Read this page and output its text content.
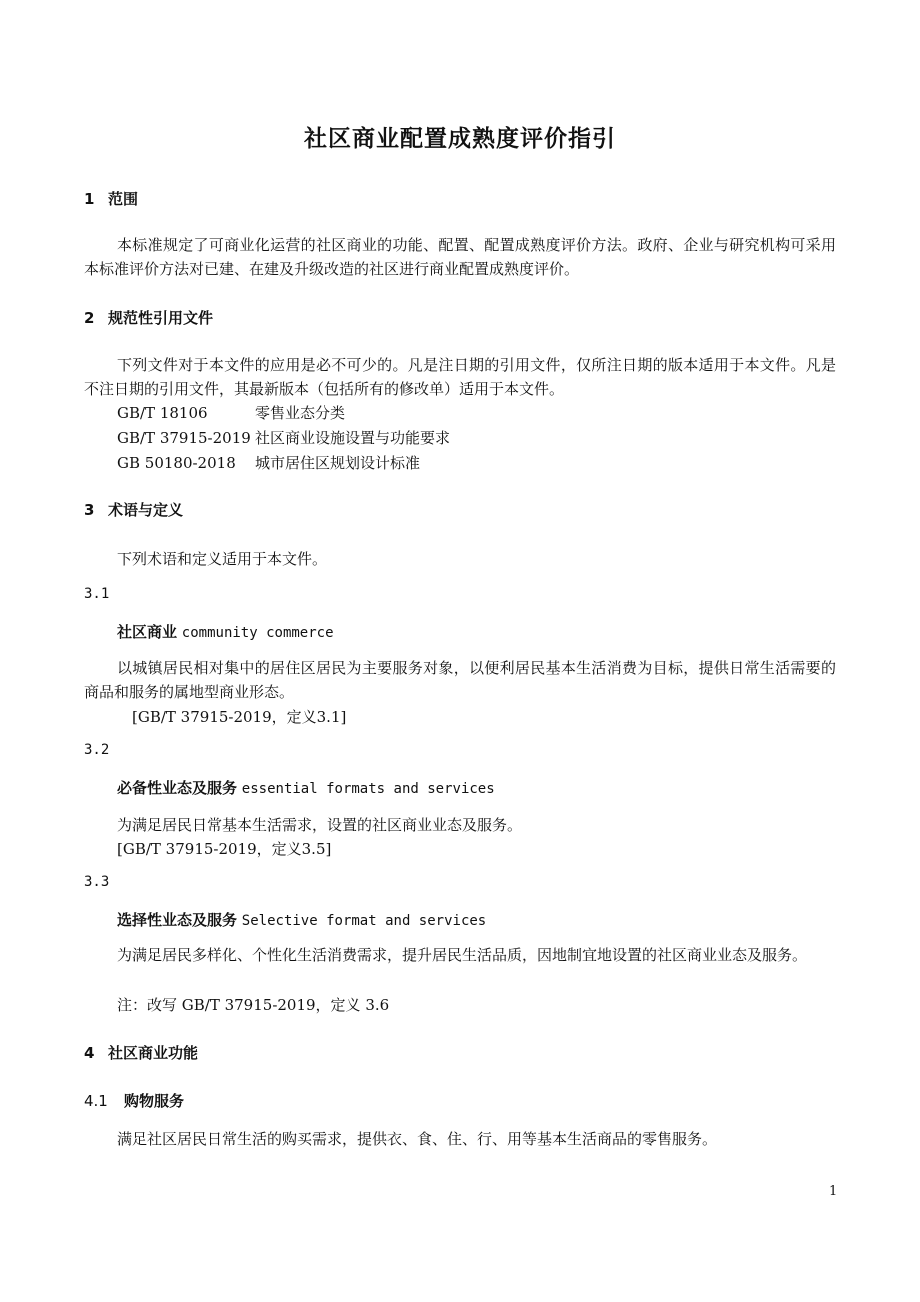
社区商业配置成熟度评价指引
1 范围
本标准规定了可商业化运营的社区商业的功能、配置、配置成熟度评价方法。政府、企业与研究机构可采用本标准评价方法对已建、在建及升级改造的社区进行商业配置成熟度评价。
2 规范性引用文件
下列文件对于本文件的应用是必不可少的。凡是注日期的引用文件，仅所注日期的版本适用于本文件。凡是不注日期的引用文件，其最新版本（包括所有的修改单）适用于本文件。
GB/T 18106	零售业态分类
GB/T 37915-2019 社区商业设施设置与功能要求
GB 50180-2018 城市居住区规划设计标准
3 术语与定义
下列术语和定义适用于本文件。
3.1
社区商业 community commerce
以城镇居民相对集中的居住区居民为主要服务对象，以便利居民基本生活消费为目标，提供日常生活需要的商品和服务的属地型商业形态。
[GB/T 37915-2019，定义3.1]
3.2
必备性业态及服务 essential formats and services
为满足居民日常基本生活需求，设置的社区商业业态及服务。
[GB/T 37915-2019，定义3.5]
3.3
选择性业态及服务 Selective format and services
为满足居民多样化、个性化生活消费需求，提升居民生活品质，因地制宜地设置的社区商业业态及服务。
注：改写 GB/T 37915-2019，定义 3.6
4 社区商业功能
4.1 购物服务
满足社区居民日常生活的购买需求，提供衣、食、住、行、用等基本生活商品的零售服务。
1
